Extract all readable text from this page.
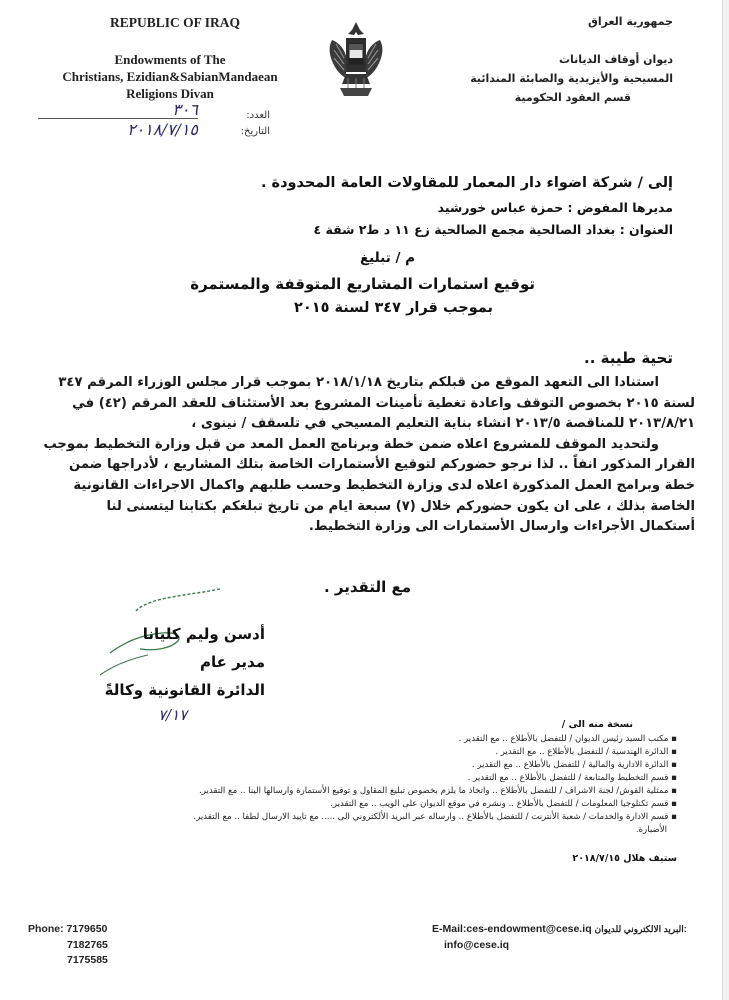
REPUBLIC OF IRAQ
Endowments of The
Christians, Ezidian&SabianMandaean
Religions Divan
جمهورية العراق
ديوان أوقاف الديانات
المسيحية والأيزيدية والصابئة المندائية
قسم العقود الحكومية
العدد:
التاريخ:
٣٠٦
٢٠١٨/٧/١٥
إلى / شركة اضواء دار المعمار للمقاولات العامة المحدودة .
مديرها المفوض : حمزة عباس خورشيد
العنوان : بغداد الصالحية مجمع الصالحية زع ١١ د ط٢ شقة ٤
م / تبليغ
توقيع استمارات المشاريع المتوقفة والمستمرة
بموجب قرار ٣٤٧ لسنة ٢٠١٥
تحية طيبة ..
استنادا الى التعهد الموقع من قبلكم بتاريخ ٢٠١٨/١/١٨ بموجب قرار مجلس الوزراء المرقم ٣٤٧
لسنة ٢٠١٥ بخصوص التوقف واعادة تغطية تأمينات المشروع بعد الأستئناف للعقد المرقم (٤٢) في
٢٠١٣/٨/٢١ للمناقصة ٢٠١٣/٥ انشاء بناية التعليم المسيحي في تلسقف / نينوى ،
ولتحديد الموقف للمشروع اعلاه ضمن خطة وبرنامج العمل المعد من قبل وزارة التخطيط بموجب
القرار المذكور انفاً .. لذا نرجو حضوركم لتوقيع الأستمارات الخاصة بتلك المشاريع ، لأدراجها ضمن
خطة وبرامج العمل المذكورة اعلاه لدى وزارة التخطيط وحسب طلبهم واكمال الاجراءات القانونية
الخاصة بذلك ، على ان يكون حضوركم خلال (٧) سبعة ايام من تاريخ تبلغكم بكتابنا ليتسنى لنا
أستكمال الأجراءات وارسال الأستمارات الى وزارة التخطيط.
مع التقدير .
أدسن وليم كليانا
مدير عام
الدائرة القانونية وكالةً
٧/١٧
نسخة منه الى /
▪ مكتب السيد رئيس الديوان / للتفضل بالأطلاع .. مع التقدير .
▪ الدائرة الهندسية / للتفضل بالأطلاع .. مع التقدير .
▪ الدائرة الادارية والمالية / للتفضل بالأطلاع .. مع التقدير .
▪ قسم التخطيط والمتابعة / للتفضل بالأطلاع .. مع التقدير .
▪ ممثلية القوش/ لجنة الاشراف / للتفضل بالأطلاع .. واتخاذ ما يلزم بخصوص تبليغ المقاول و توقيع الأستمارة وارسالها الينا .. مع التقدير.
▪ قسم تكنلوجيا المعلومات / للتفضل بالأطلاع .. ونشره في موقع الديوان على الويب .. مع التقدير.
▪ قسم الادارة والخدمات / شعبة الأنترنت / للتفضل بالأطلاع .. وارساله عبر البريد الألكتروني الى ..... مع تاييد الارسال لطفا .. مع التقدير.
الأضبارة.
ستيف هلال ٢٠١٨/٧/١٥
Phone: 7179650
7182765
7175585
E-Mail:ces-endowment@cese.iq البريد الالكتروني للديوان:
info@cese.iq
